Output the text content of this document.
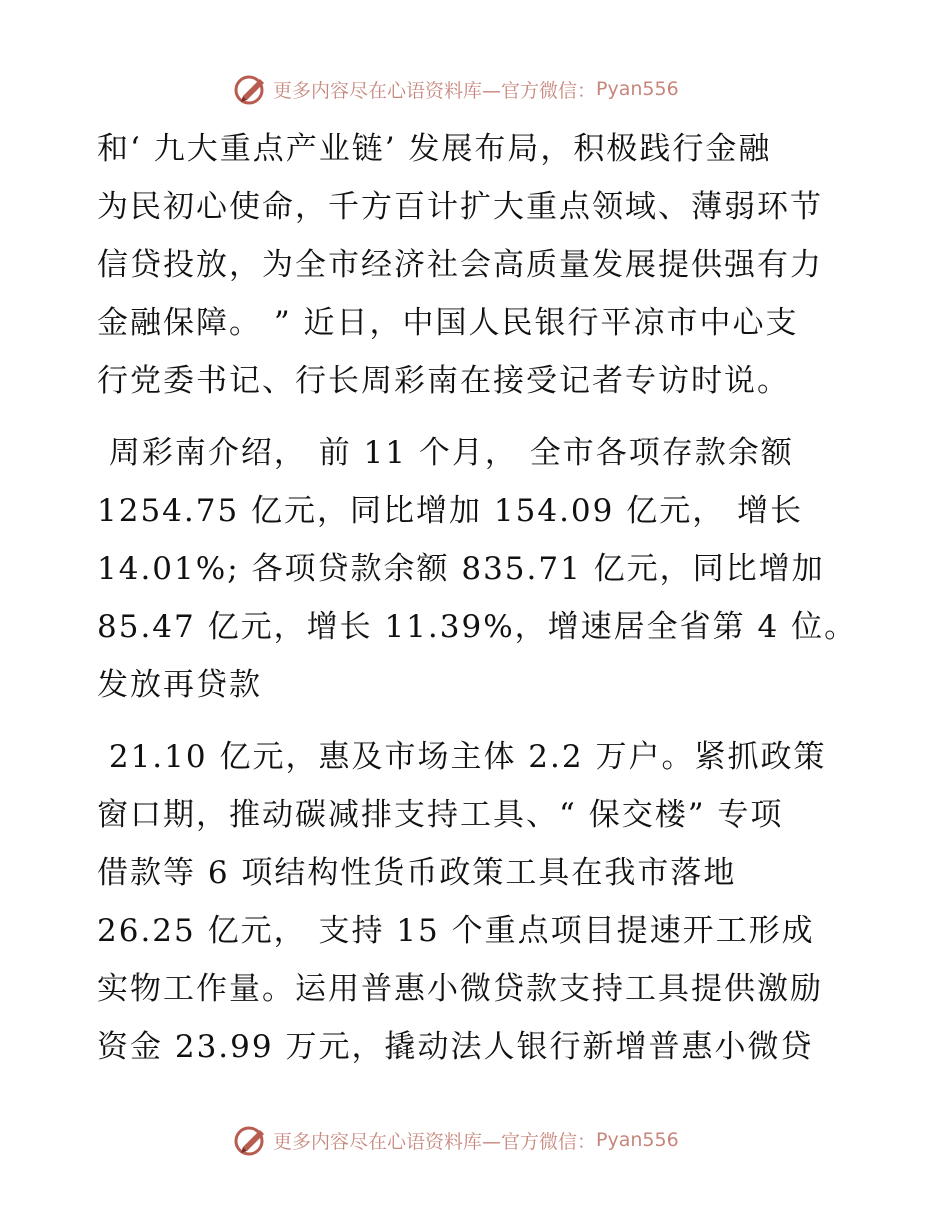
更多内容尽在心语资料库—官方微信： Pyan556
和‘ 九大重点产业链’ 发展布局，积极践行金融
为民初心使命，千方百计扩大重点领域、薄弱环节
信贷投放，为全市经济社会高质量发展提供强有力
金融保障。 ” 近日，中国人民银行平凉市中心支
行党委书记、行长周彩南在接受记者专访时说。
周彩南介绍， 前 11 个月， 全市各项存款余额
1254.75 亿元，同比增加 154.09 亿元， 增长
14.01%; 各项贷款余额 835.71 亿元，同比增加
85.47 亿元，增长 11.39%，增速居全省第 4 位。
发放再贷款
21.10 亿元，惠及市场主体 2.2 万户。紧抓政策
窗口期，推动碳减排支持工具、“ 保交楼” 专项
借款等 6 项结构性货币政策工具在我市落地
26.25 亿元， 支持 15 个重点项目提速开工形成
实物工作量。运用普惠小微贷款支持工具提供激励
资金 23.99 万元，撬动法人银行新增普惠小微贷
更多内容尽在心语资料库—官方微信： Pyan556
